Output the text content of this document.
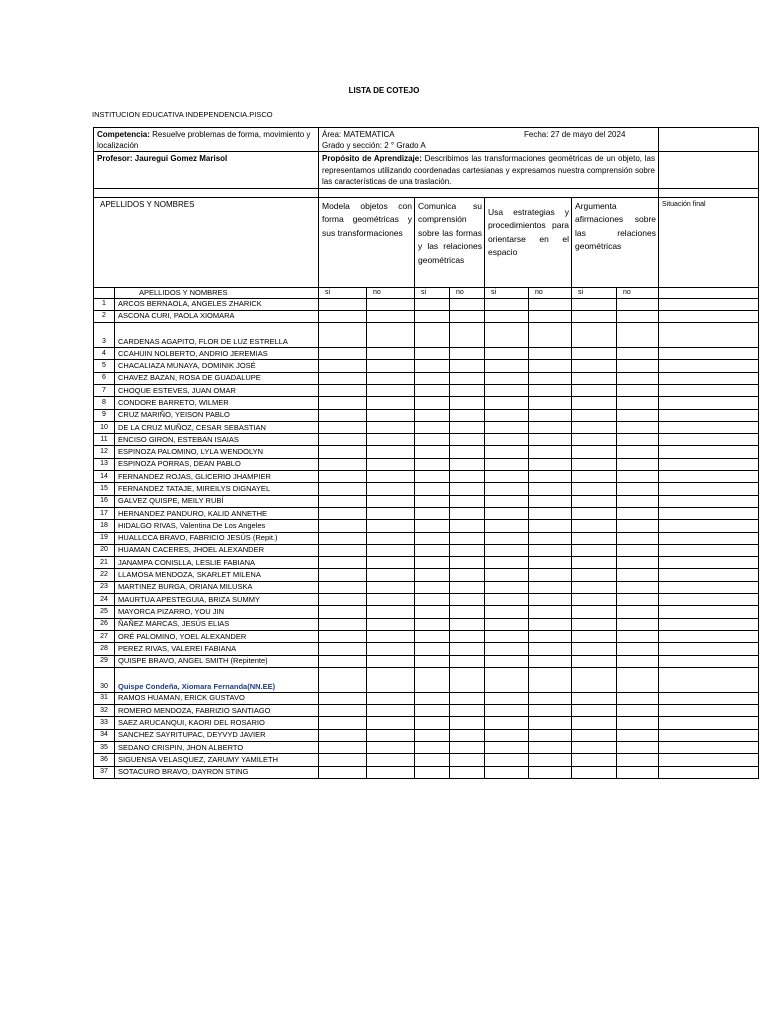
LISTA DE COTEJO
INSTITUCION EDUCATIVA INDEPENDENCIA.PISCO
Competencia: Resuelve problemas de forma, movimiento y localización		Área: MATEMATICA Fecha: 27 de mayo del 2024
Grado y sección: 2 ° Grado A								

Profesor: Jauregui Gomez Marisol		Propósito de Aprendizaje: Describimos las transformaciones geométricas de un objeto, las representamos utilizando coordenadas cartesianas y expresamos nuestra comprensión sobre las características de una traslación.								

APELLIDOS Y NOMBRES		Modela objetos con forma geométricas y sus transformaciones		Comunica su comprensión sobre las formas y las relaciones geométricas		Usa estrategias y procedimientos para orientarse en el espacio		Argumenta afirmaciones sobre las relaciones geométricas		Situación final
	APELLIDOS Y NOMBRES	si	no	si	no	si	no	si	no	
1	ARCOS BERNAOLA, ANGELES ZHARICK									
2	ASCONA CURI, PAOLA XIOMARA									
3	CARDENAS AGAPITO, FLOR DE LUZ ESTRELLA									
4	CCAHUIN NOLBERTO, ANDRIO JEREMIAS									
5	CHACALIAZA MUNAYA, DOMINIK JOSÉ									
6	CHAVEZ BAZAN, ROSA DE GUADALUPE									
7	CHOQUE ESTEVES, JUAN OMAR									
8	CONDORE BARRETO, WILMER									
9	CRUZ MARIÑO, YEISON PABLO									
10	DE LA CRUZ MUÑOZ, CESAR SEBASTIAN									
11	ENCISO GIRON, ESTEBAN ISAIAS									
12	ESPINOZA PALOMINO, LYLA WENDOLYN									
13	ESPINOZA PORRAS, DEAN PABLO									
14	FERNANDEZ ROJAS, GLICERIO JHAMPIER									
15	FERNANDEZ TATAJE, MIREILYS DIGNAYEL									
16	GALVEZ QUISPE, MEILY RUBÍ									
17	HERNANDEZ PANDURO, KALID ANNETHE									
18	HIDALGO RIVAS, Valentina De Los Angeles									
19	HUALLCCA BRAVO, FABRICIO JESÚS (Repit.)									
20	HUAMAN CACERES, JHOEL ALEXANDER									
21	JANAMPA CONISLLA, LESLIE FABIANA									
22	LLAMOSA MENDOZA, SKARLET MILENA									
23	MARTINEZ BURGA, ORIANA MILUSKA									
24	MAURTUA APESTEGUIA, BRIZA SUMMY									
25	MAYORCA PIZARRO, YOU JIN									
26	ÑAÑEZ MARCAS, JESÚS ELIAS									
27	ORÉ PALOMINO, YOEL ALEXANDER									
28	PEREZ RIVAS, VALEREI FABIANA									
29	QUISPE BRAVO, ANGEL SMITH (Repitente)									
30	Quispe Condeña, Xiomara Fernanda(NN.EE)									
31	RAMOS HUAMAN, ERICK GUSTAVO									
32	ROMERO MENDOZA, FABRIZIO SANTIAGO									
33	SAEZ ARUCANQUI, KAORI DEL ROSARIO									
34	SANCHEZ SAYRITUPAC, DEYVYD JAVIER									
35	SEDANO CRISPIN, JHON ALBERTO									
36	SIGUENSA VELASQUEZ, ZARUMY YAMILETH									
37	SOTACURO BRAVO, DAYRON STING									
